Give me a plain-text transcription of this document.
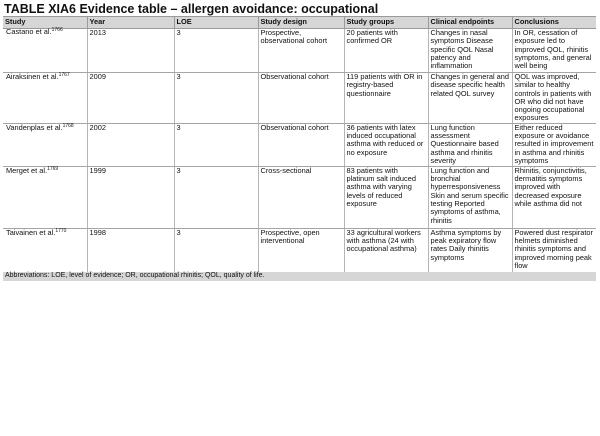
TABLE XIA6 Evidence table – allergen avoidance: occupational
Study	Year	LOE	Study design	Study groups	Clinical endpoints	Conclusions
Castano et al.$^{1766}$	2013	3	Prospective, observational cohort	20 patients with confirmed OR	Changes in nasal symptoms Disease specific QOL Nasal patency and inflammation	In OR, cessation of exposure led to improved QOL, rhinitis symptoms, and general well being
Airaksinen et al.$^{1767}$	2009	3	Observational cohort	119 patients with OR in registry-based questionnaire	Changes in general and disease specific health related QOL survey	QOL was improved, similar to healthy controls in patients with OR who did not have ongoing occupational exposures
Vandenplas et al.$^{1768}$	2002	3	Observational cohort	36 patients with latex induced occupational asthma with reduced or no exposure	Lung function assessment Questionnaire based asthma and rhinitis severity	Either reduced exposure or avoidance resulted in improvement in asthma and rhinitis symptoms
Merget et al.$^{1769}$	1999	3	Cross-sectional	83 patients with platinum salt induced asthma with varying levels of reduced exposure	Lung function and bronchial hyperresponsiveness Skin and serum specific testing Reported symptoms of asthma, rhinitis	Rhinitis, conjunctivitis, dermatitis symptoms improved with decreased exposure while asthma did not
Taivainen et al.$^{1770}$	1998	3	Prospective, open interventional	33 agricultural workers with asthma (24 with occupational asthma)	Asthma symptoms by peak expiratory flow rates Daily rhinitis symptoms	Powered dust respirator helmets diminished rhinitis symptoms and improved morning peak flow
Abbreviations: LOE, level of evidence; OR, occupational rhinitis; QOL, quality of life.						
